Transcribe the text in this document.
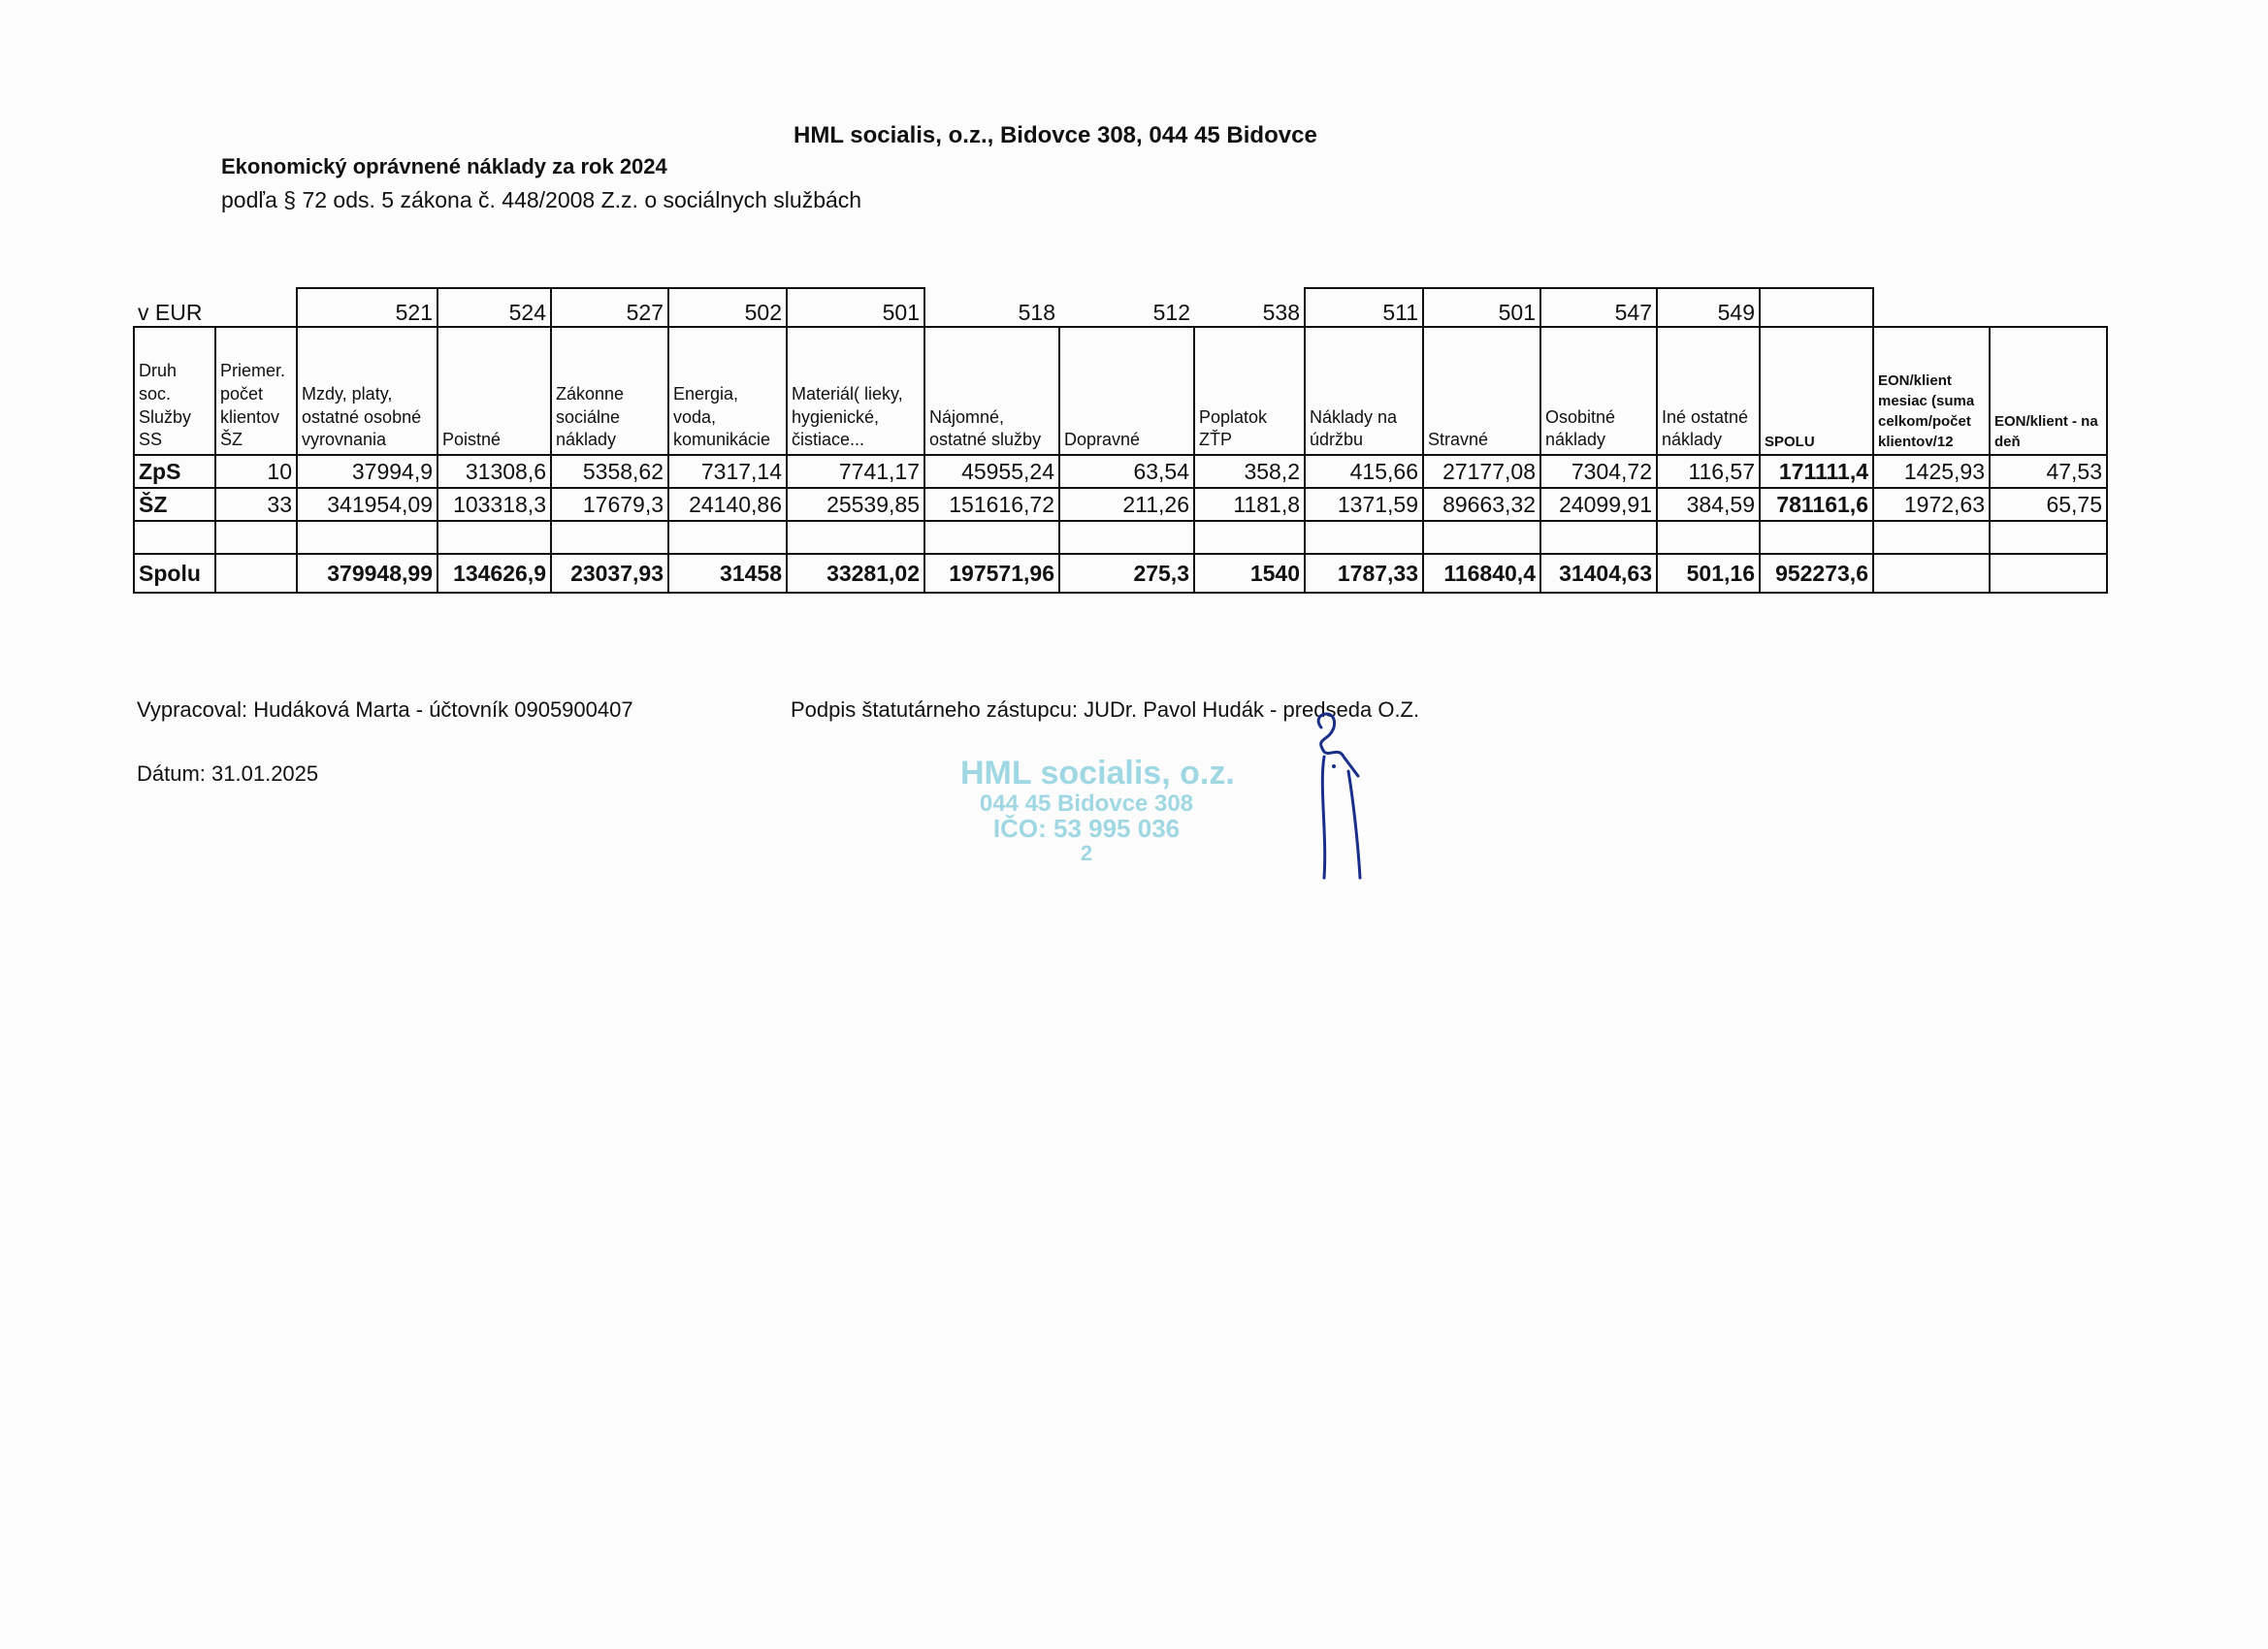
HML socialis, o.z., Bidovce 308, 044 45 Bidovce
Ekonomický oprávnené náklady za rok 2024
podľa § 72 ods. 5 zákona č. 448/2008 Z.z. o sociálnych službách
v EUR		521	524	527	502	501	518	512	538	511	501	547	549			
Druh soc. Služby SS	Priemer. počet klientov ŠZ	Mzdy, platy, ostatné osobné vyrovnania	Poistné	Zákonne sociálne náklady	Energia, voda, komunikácie	Materiál( lieky, hygienické, čistiace...	Nájomné, ostatné služby	Dopravné	Poplatok ZŤP	Náklady na údržbu	Stravné	Osobitné náklady	Iné ostatné náklady	SPOLU	EON/klient mesiac (suma celkom/počet klientov/12	EON/klient - na deň
ZpS	10	37994,9	31308,6	5358,62	7317,14	7741,17	45955,24	63,54	358,2	415,66	27177,08	7304,72	116,57	171111,4	1425,93	47,53
ŠZ	33	341954,09	103318,3	17679,3	24140,86	25539,85	151616,72	211,26	1181,8	1371,59	89663,32	24099,91	384,59	781161,6	1972,63	65,75

Spolu		379948,99	134626,9	23037,93	31458	33281,02	197571,96	275,3	1540	1787,33	116840,4	31404,63	501,16	952273,6		
Vypracoval: Hudáková Marta - účtovník 0905900407
Dátum: 31.01.2025
Podpis štatutárneho zástupcu: JUDr. Pavol Hudák - predseda O.Z.
HML socialis, o.z.
044 45 Bidovce 308
IČO: 53 995 036
2
